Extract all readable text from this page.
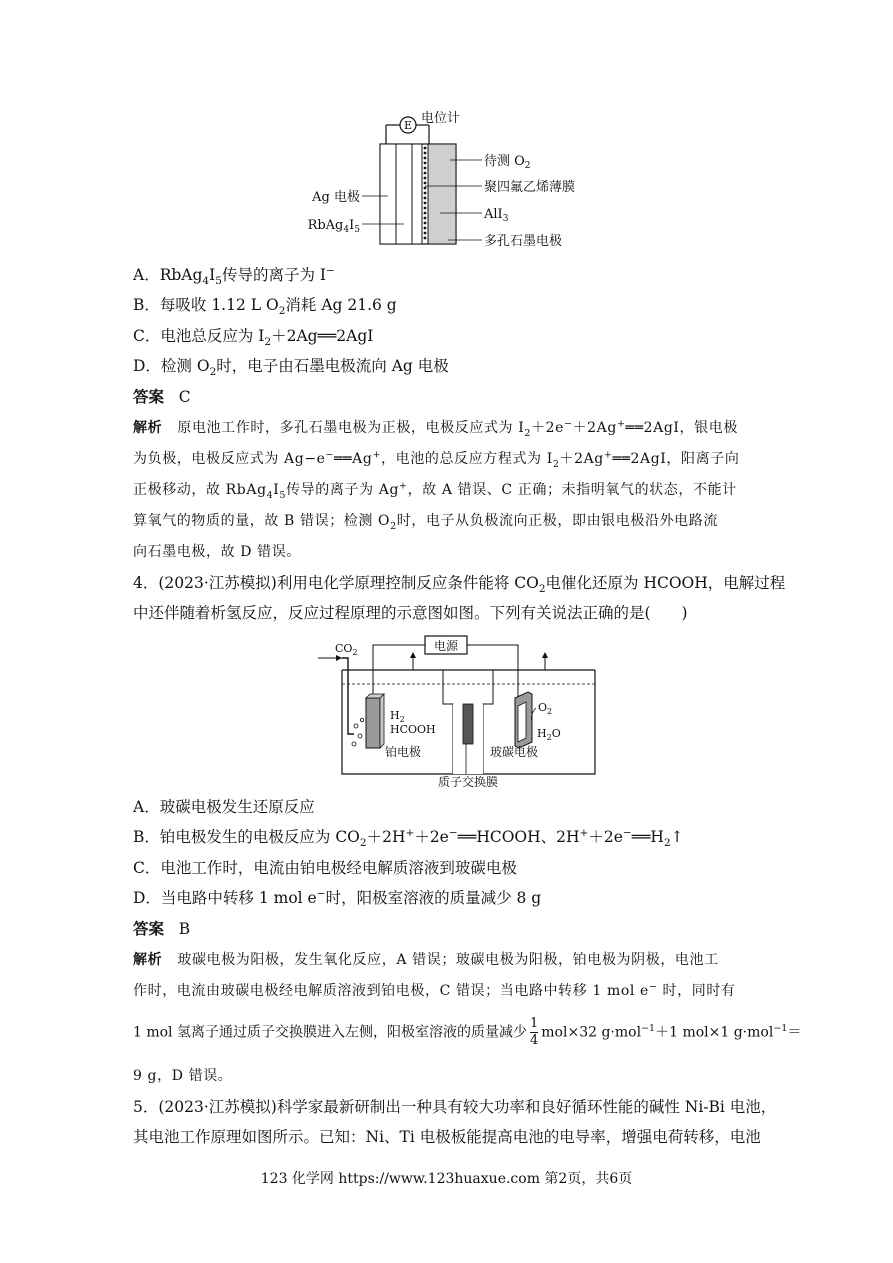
E 电位计
待测 $O_2$
聚四氟乙烯薄膜
AlI$_3$
多孔石墨电极
Ag 电极
$RbAg_4I_5$
A．$RbAg_4I_5$传导的离子为 I−
B．每吸收 1.12 L $O_2$消耗 Ag 21.6 g
C．电池总反应为 $I_2+2Ag══2AgI$
D．检测 $O_2$时，电子由石墨电极流向 Ag 电极
答案 C
解析 原电池工作时，多孔石墨电极为正极，电极反应式为 $I_2+2e^-+2Ag^+══2AgI$，银电极
为负极，电极反应式为 Ag−e−══Ag+，电池的总反应方程式为 $I_2+2Ag^+══2AgI$，阳离子向
正极移动，故 $RbAg_4I_5$传导的离子为 Ag+，故 A 错误、C 正确；未指明氧气的状态，不能计
算氧气的物质的量，故 B 错误；检测 $O_2$时，电子从负极流向正极，即由银电极沿外电路流
向石墨电极，故 D 错误。
4．(2023·江苏模拟)利用电化学原理控制反应条件能将 $CO_2$电催化还原为 HCOOH，电解过程
中还伴随着析氢反应，反应过程原理的示意图如图。下列有关说法正确的是(　　)
$CO_2$	电源
$H_2$
HCOOH
$O_2$
$H_2O$
铂电极	玻碳电极
质子交换膜
A．玻碳电极发生还原反应
B．铂电极发生的电极反应为 $CO_2+2H^++2e^-══HCOOH$、$2H^++2e^-══H_2↑$
C．电池工作时，电流由铂电极经电解质溶液到玻碳电极
D．当电路中转移 1 mol e−时，阳极室溶液的质量减少 8 g
答案 B
解析 玻碳电极为阳极，发生氧化反应，A 错误；玻碳电极为阳极，铂电极为阴极，电池工
作时，电流由玻碳电极经电解质溶液到铂电极，C 错误；当电路中转移 1 mol e− 时，同时有
1 mol 氢离子通过质子交换膜进入左侧，阳极室溶液的质量减少 $\frac{1}{4} mol\times 32$ g·mol$^{-1}$＋1 mol×1 g·mol$^{-1}$＝
9 g，D 错误。
5．(2023·江苏模拟)科学家最新研制出一种具有较大功率和良好循环性能的碱性 Ni-Bi 电池，
其电池工作原理如图所示。已知：Ni、Ti 电极板能提高电池的电导率，增强电荷转移，电池
123 化学网 https://www.123huaxue.com 第2页，共6页
